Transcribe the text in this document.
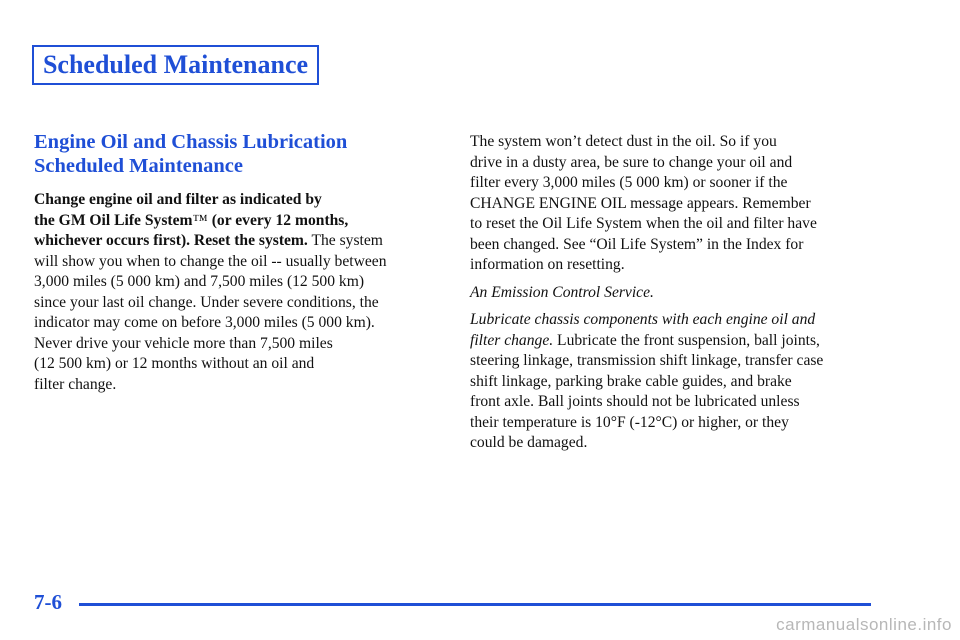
Scheduled Maintenance
Engine Oil and Chassis Lubrication
Scheduled Maintenance

Change engine oil and filter as indicated by
the GM Oil Life System™ (or every 12 months,
whichever occurs first). Reset the system. The system
will show you when to change the oil -- usually between
3,000 miles (5 000 km) and 7,500 miles (12 500 km)
since your last oil change. Under severe conditions, the
indicator may come on before 3,000 miles (5 000 km).
Never drive your vehicle more than 7,500 miles
(12 500 km) or 12 months without an oil and
filter change.

The system won’t detect dust in the oil. So if you
drive in a dusty area, be sure to change your oil and
filter every 3,000 miles (5 000 km) or sooner if the
CHANGE ENGINE OIL message appears. Remember
to reset the Oil Life System when the oil and filter have
been changed. See “Oil Life System” in the Index for
information on resetting.

An Emission Control Service.

Lubricate chassis components with each engine oil and
filter change. Lubricate the front suspension, ball joints,
steering linkage, transmission shift linkage, transfer case
shift linkage, parking brake cable guides, and brake
front axle. Ball joints should not be lubricated unless
their temperature is 10°F (-12°C) or higher, or they
could be damaged.

7-6
carmanualsonline.info
